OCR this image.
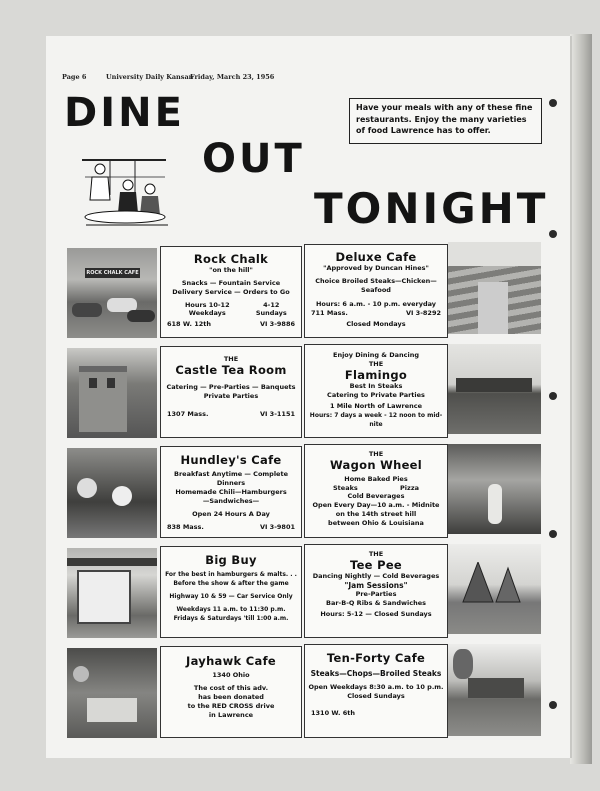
Page 6	University Daily Kansan
Friday, March 23, 1956
DINE
OUT
TONIGHT
Have your meals with any of these fine restaurants. Enjoy the many varieties of food Lawrence has to offer.
ROCK CHALK CAFE
Rock Chalk
"on the hill"
Snacks — Fountain Service
Delivery Service — Orders to Go
Hours 10-12 Weekdays
4-12 Sundays
618 W. 12th	VI 3-9886
Deluxe Cafe
"Approved by Duncan Hines"
Choice Broiled Steaks—Chicken—Seafood
Hours: 6 a.m. - 10 p.m. everyday
711 Mass.	VI 3-8292
Closed Mondays
THE
Castle Tea Room
Catering — Pre-Parties — Banquets
Private Parties
1307 Mass.	VI 3-1151
Enjoy Dining & Dancing
THE
Flamingo
Best In Steaks
Catering to Private Parties
1 Mile North of Lawrence
Hours: 7 days a week - 12 noon to mid-nite
Hundley's Cafe
Breakfast Anytime — Complete Dinners
Homemade Chili—Hamburgers
—Sandwiches—
Open 24 Hours A Day
838 Mass.	VI 3-9801
THE
Wagon Wheel
Home Baked Pies
Steaks	Pizza
Cold Beverages
Open Every Day—10 a.m. - Midnite
on the 14th street hill
between Ohio & Louisiana
Big Buy
For the best in hamburgers & malts. . .
Before the show & after the game
Highway 10 & 59 — Car Service Only
Weekdays 11 a.m. to 11:30 p.m.
Fridays & Saturdays 'till 1:00 a.m.
THE
Tee Pee
Dancing Nightly — Cold Beverages
"Jam Sessions"
Pre-Parties
Bar-B-Q Ribs & Sandwiches
Hours: 5-12 — Closed Sundays
Jayhawk Cafe
1340 Ohio
The cost of this adv.
has been donated
to the RED CROSS drive
in Lawrence
Ten-Forty Cafe
Steaks—Chops—Broiled Steaks
Open Weekdays 8:30 a.m. to 10 p.m.
Closed Sundays
1310 W. 6th
